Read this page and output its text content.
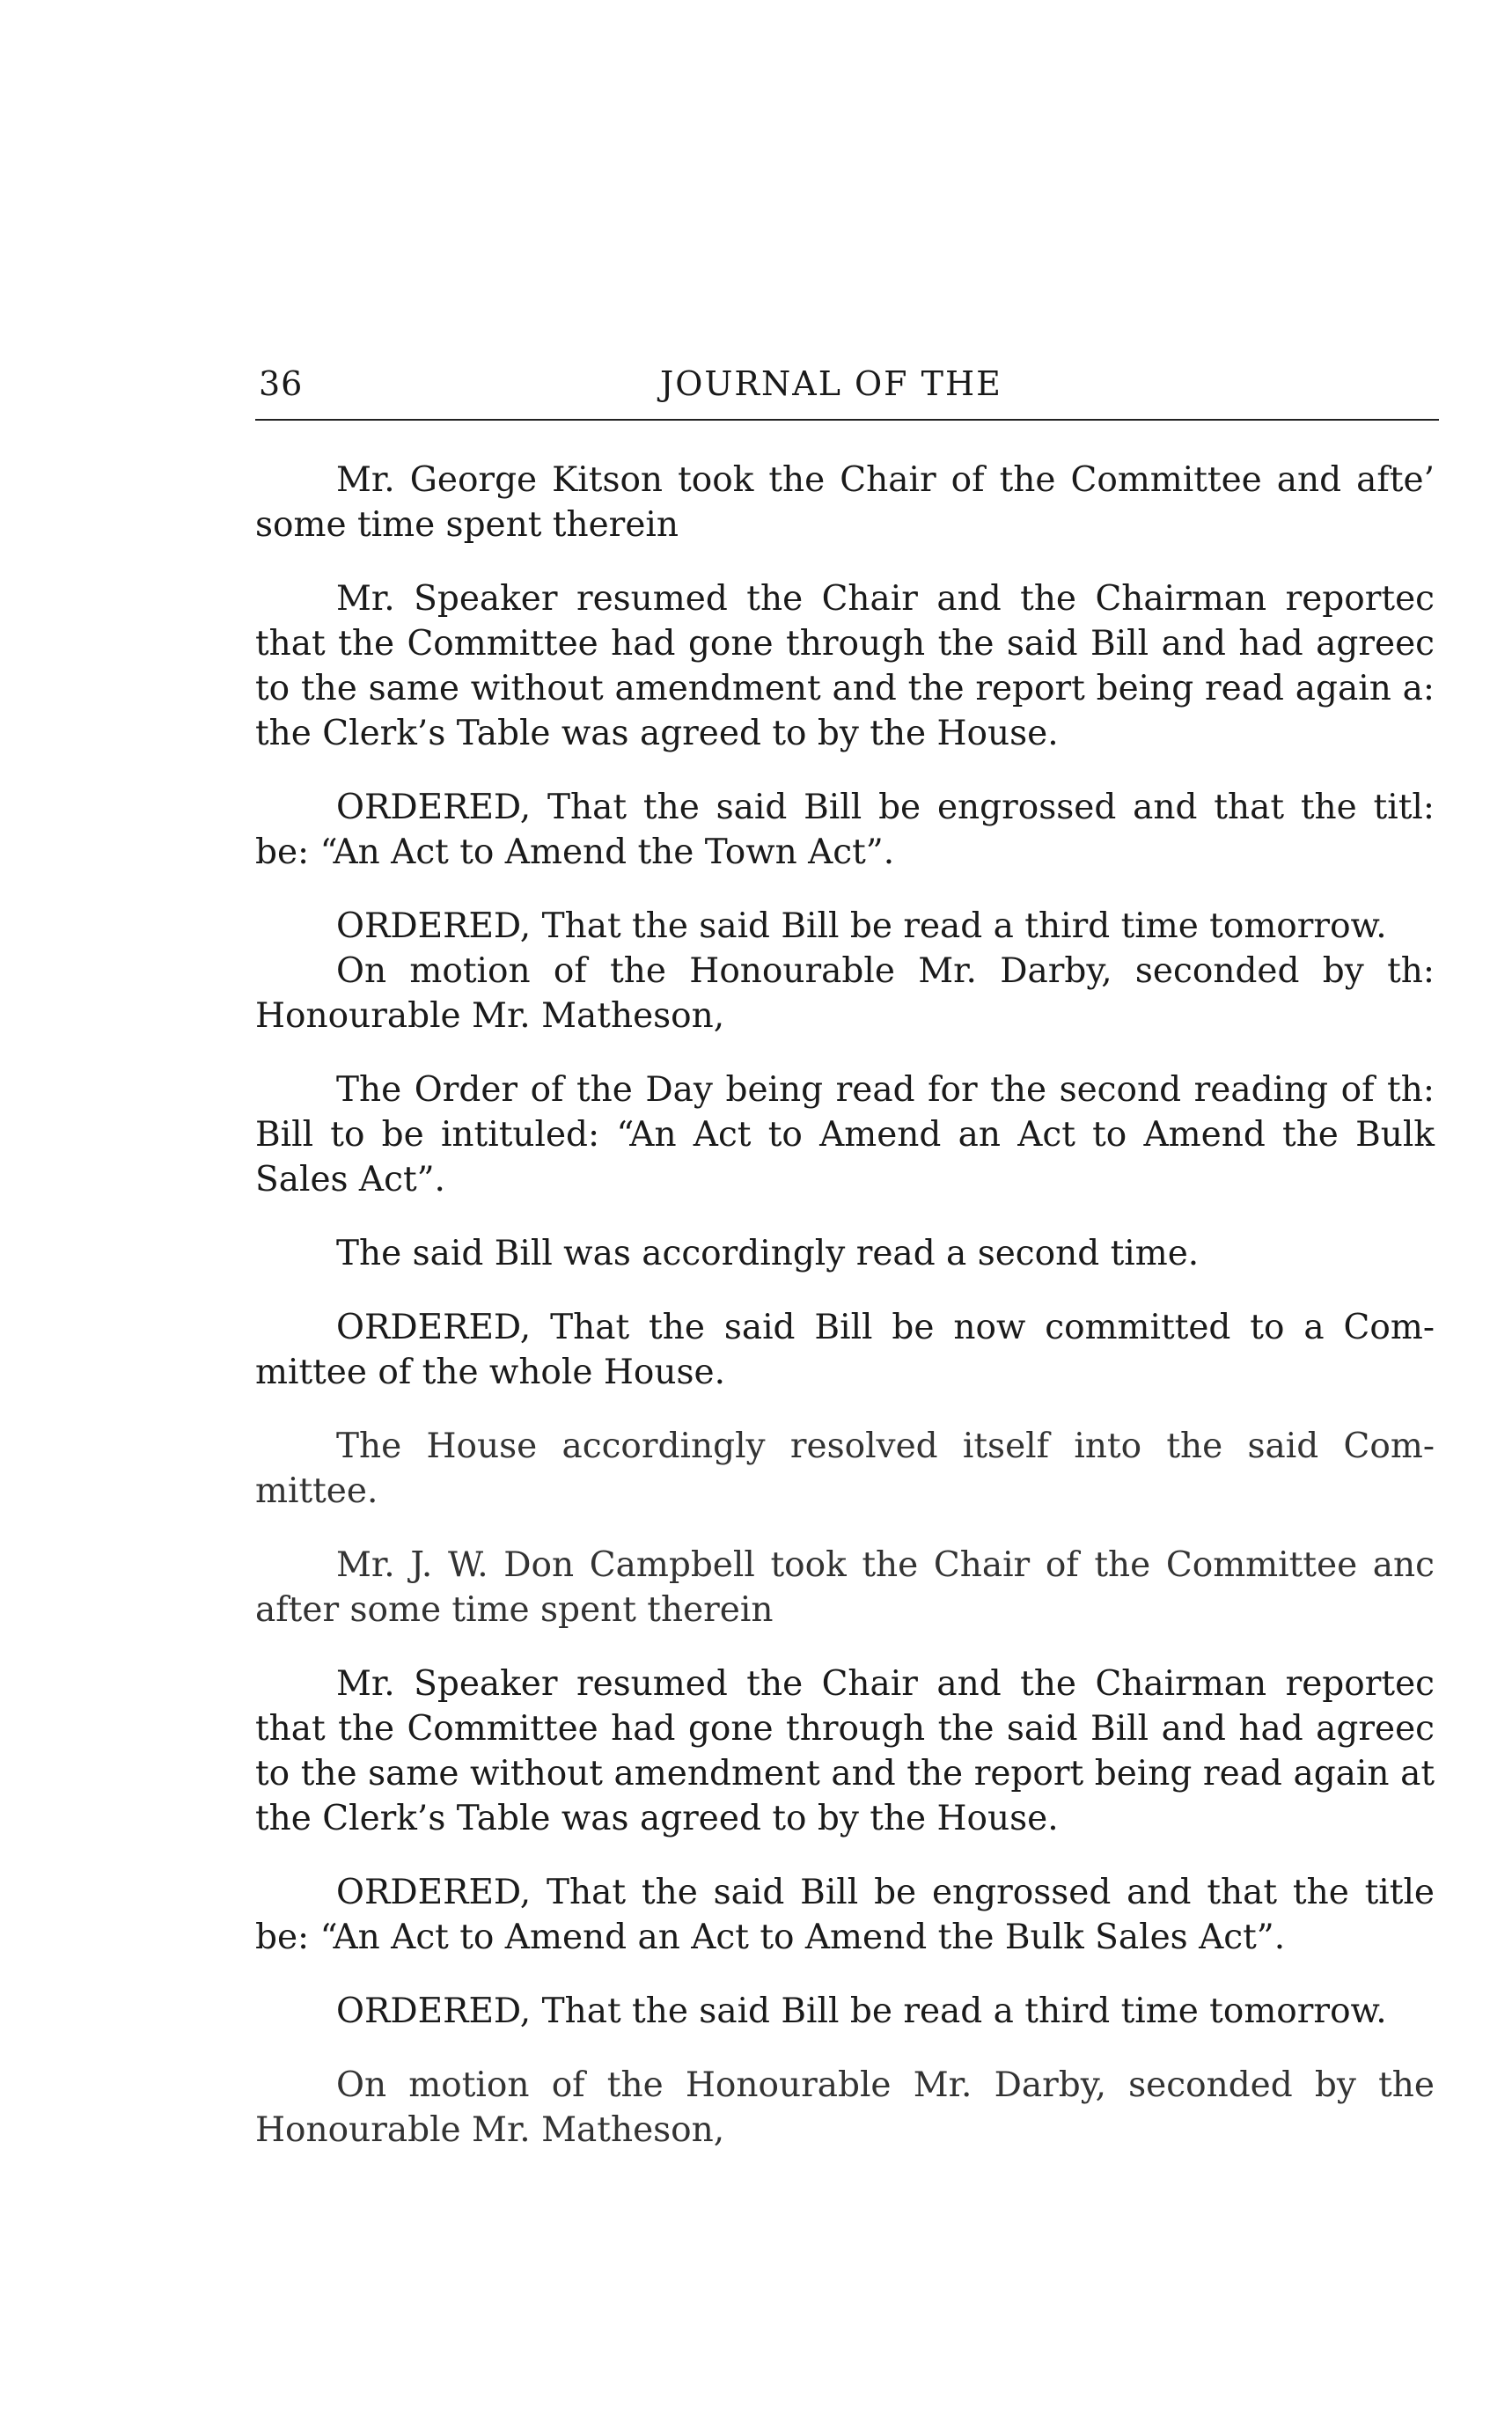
36	JOURNAL OF THE

Mr. George Kitson took the Chair of the Committee and afte’ some time spent therein

Mr. Speaker resumed the Chair and the Chairman reportec that the Committee had gone through the said Bill and had agreec to the same without amendment and the report being read again a: the Clerk’s Table was agreed to by the House.

ORDERED, That the said Bill be engrossed and that the titl: be: “An Act to Amend the Town Act”.

ORDERED, That the said Bill be read a third time tomorrow.

On motion of the Honourable Mr. Darby, seconded by th: Honourable Mr. Matheson,

The Order of the Day being read for the second reading of th: Bill to be intituled: “An Act to Amend an Act to Amend the Bulk Sales Act”.

The said Bill was accordingly read a second time.

ORDERED, That the said Bill be now committed to a Com- mittee of the whole House.

The House accordingly resolved itself into the said Com- mittee.

Mr. J. W. Don Campbell took the Chair of the Committee anc after some time spent therein

Mr. Speaker resumed the Chair and the Chairman reportec that the Committee had gone through the said Bill and had agreec to the same without amendment and the report being read again at the Clerk’s Table was agreed to by the House.

ORDERED, That the said Bill be engrossed and that the title be: “An Act to Amend an Act to Amend the Bulk Sales Act”.

ORDERED, That the said Bill be read a third time tomorrow.

On motion of the Honourable Mr. Darby, seconded by the Honourable Mr. Matheson,
